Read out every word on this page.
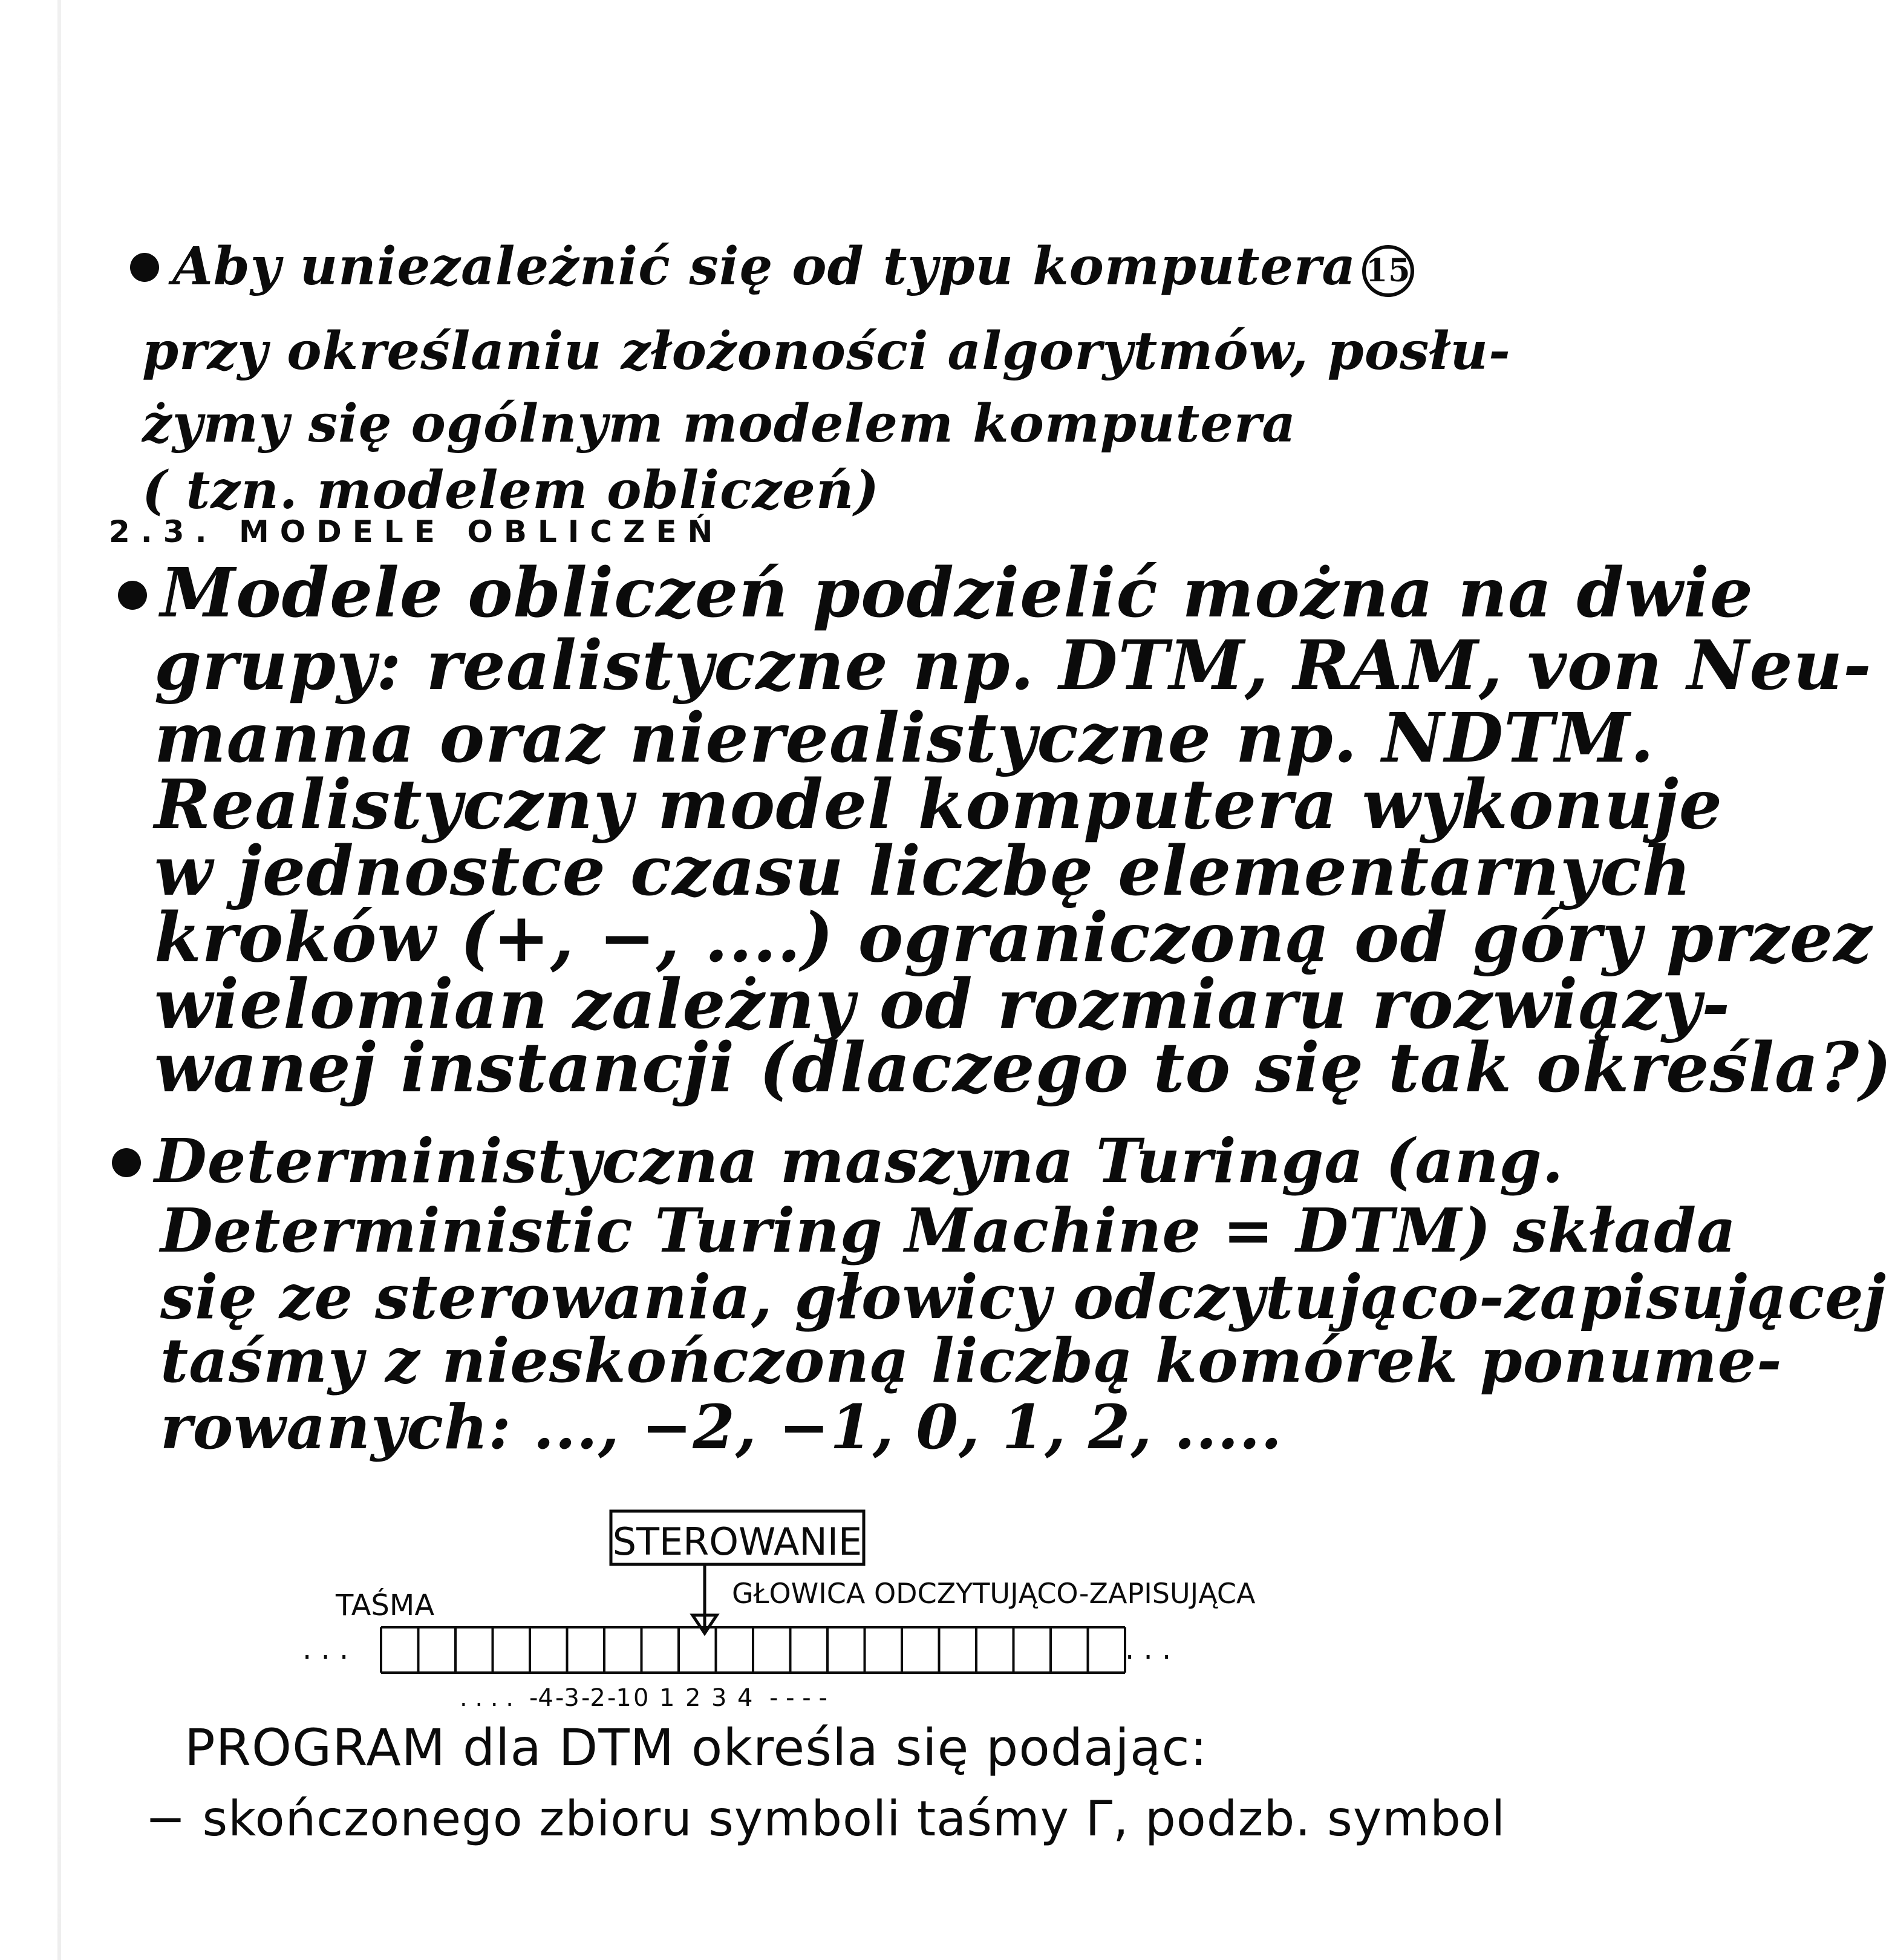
Aby uniezależnić się od typu komputera 15
przy określaniu złożoności algorytmów, posłu-
żymy się ogólnym modelem komputera
( tzn. modelem obliczeń)
2.3. MODELE OBLICZEŃ
Modele obliczeń podzielić można na dwie
grupy: realistyczne np. DTM, RAM, von Neu-
manna oraz nierealistyczne np. NDTM.
Realistyczny model komputera wykonuje
w jednostce czasu liczbę elementarnych
kroków (+, −, ....) ograniczoną od góry przez
wielomian zależny od rozmiaru rozwiązy-
wanej instancji (dlaczego to się tak określa?)
Deterministyczna maszyna Turinga (ang.
Deterministic Turing Machine = DTM) składa
się ze sterowania, głowicy odczytująco-zapisującej
taśmy z nieskończoną liczbą komórek ponume-
rowanych: ..., −2, −1, 0, 1, 2, .....
STEROWANIE
TAŚMA	GŁOWICA ODCZYTUJĄCO-ZAPISUJĄCA
. . .	. . .
. . . . -4 -3 -2 -1 0 1 2 3 4 - - - -
PROGRAM dla DTM określa się podając:
− skończonego zbioru symboli taśmy Γ, podzb. symbol
